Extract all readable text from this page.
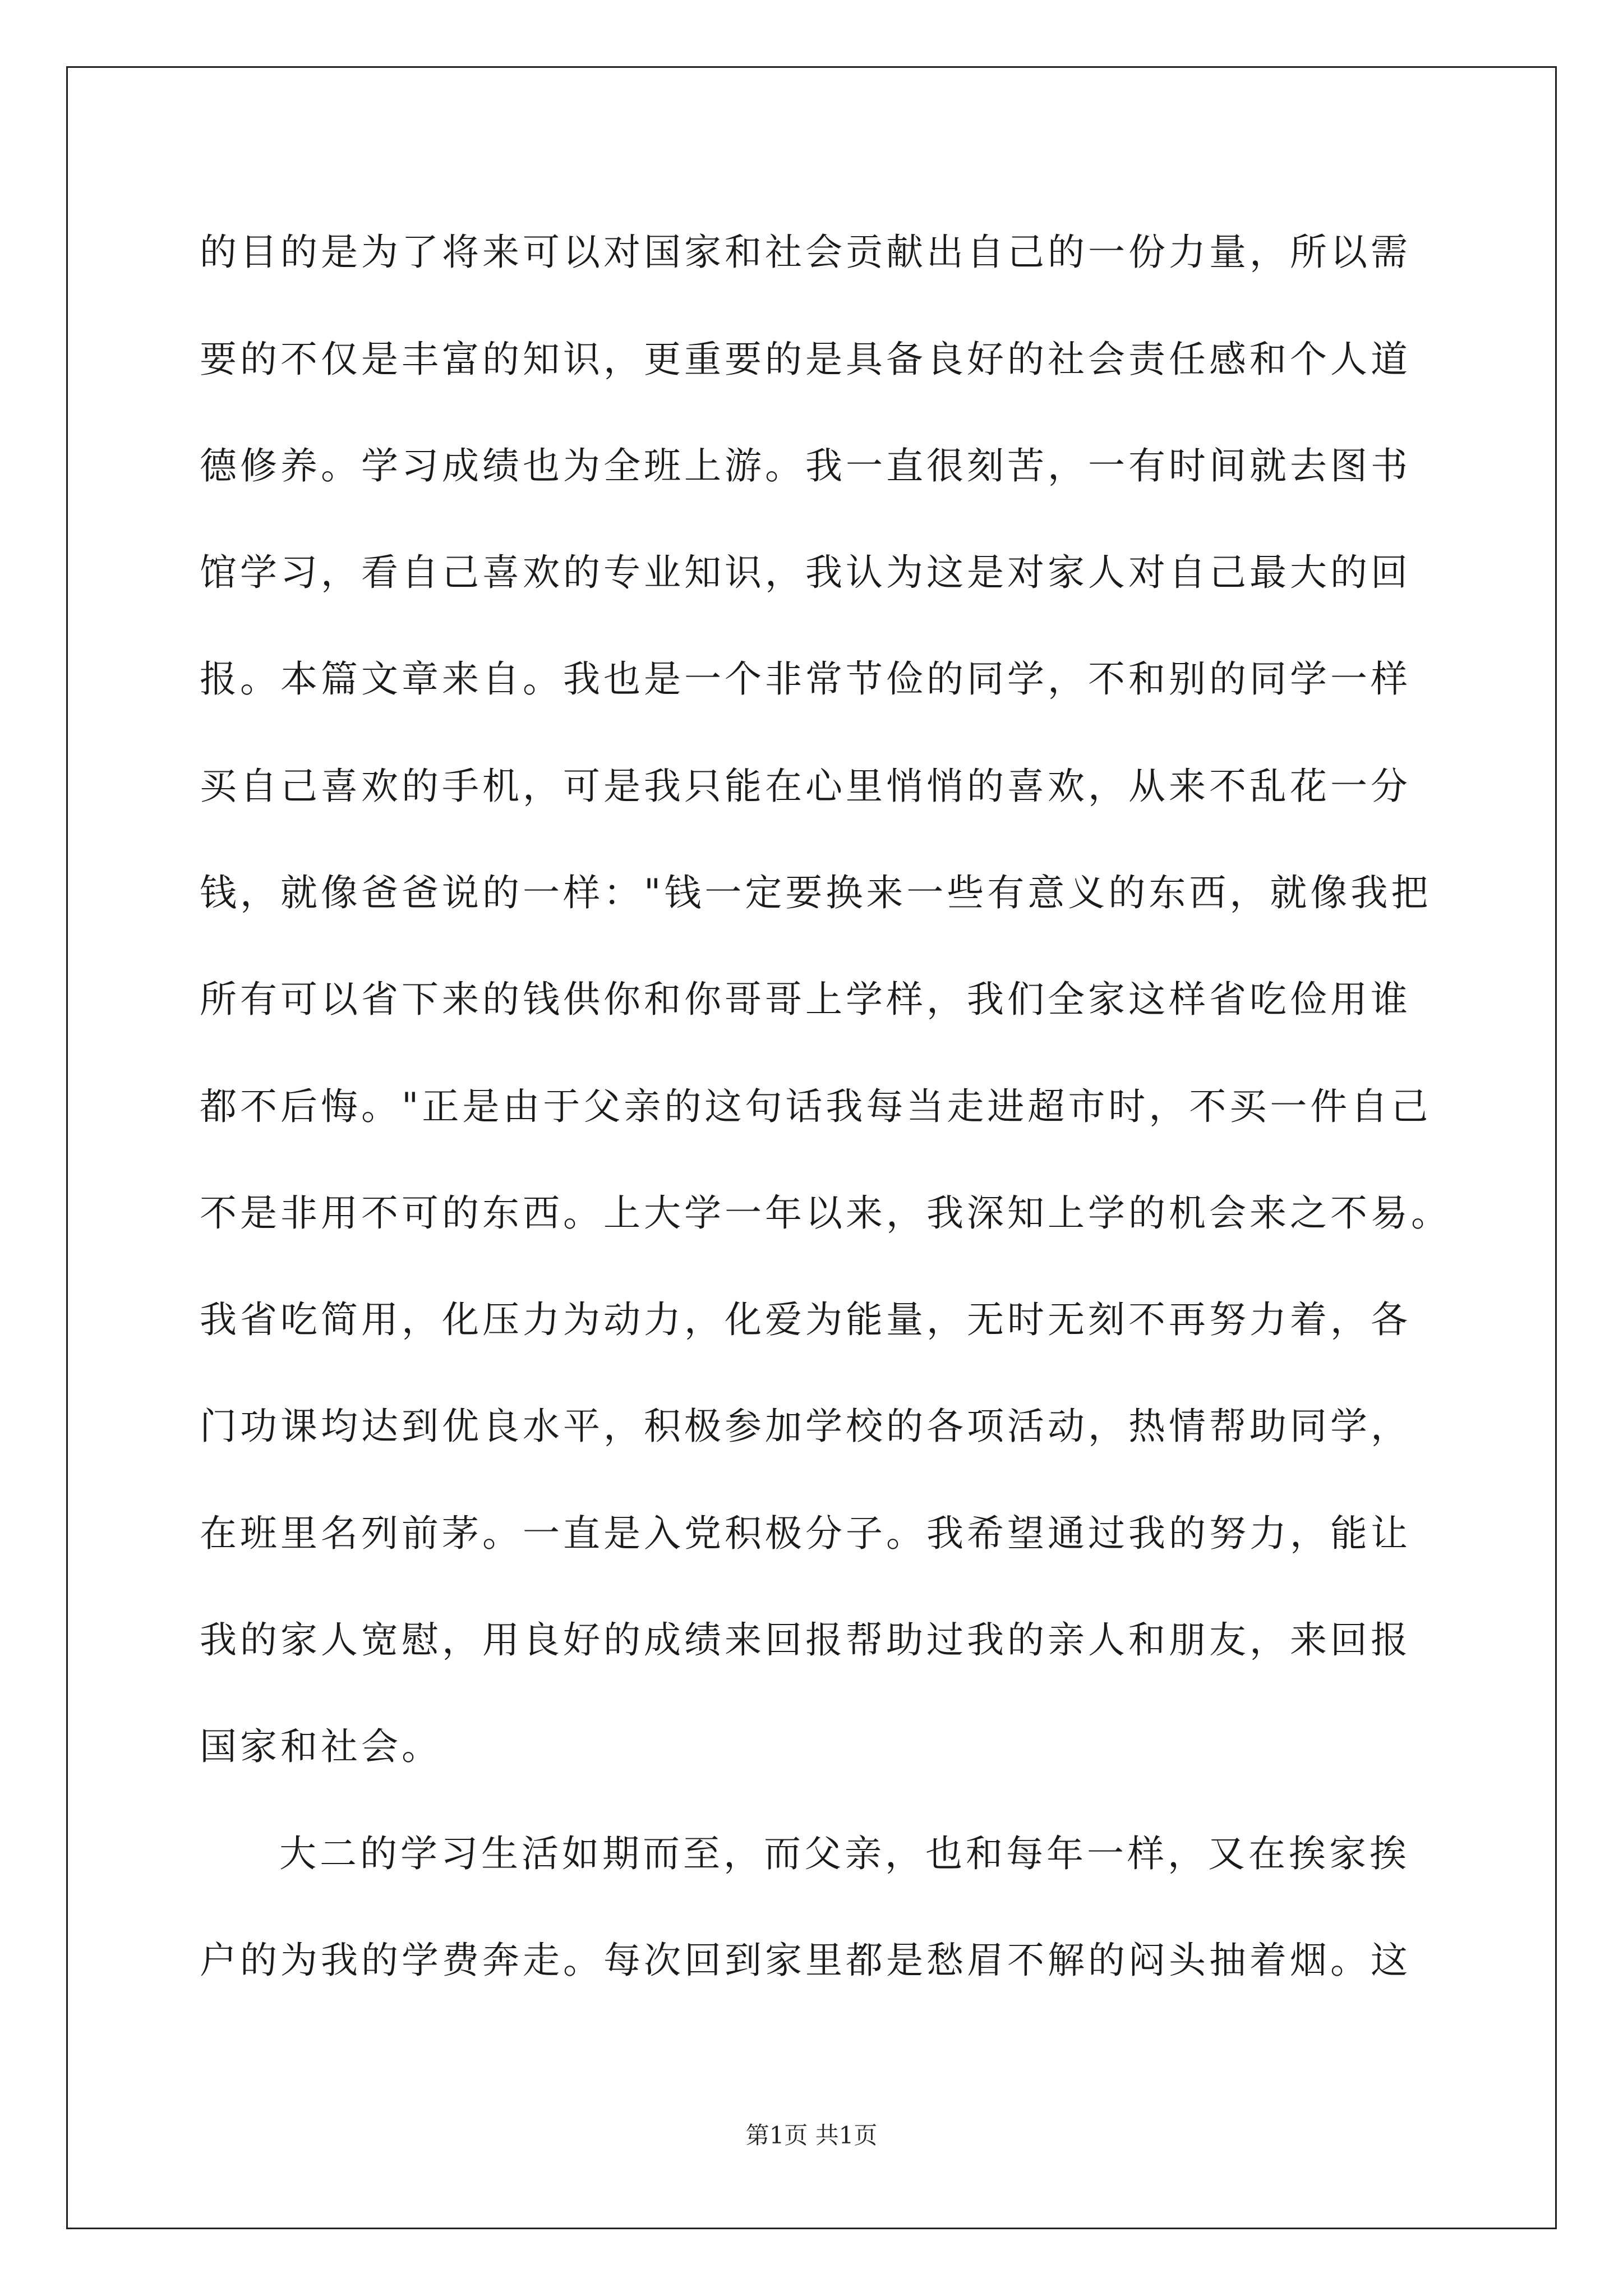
的目的是为了将来可以对国家和社会贡献出自己的一份力量，所以需
要的不仅是丰富的知识，更重要的是具备良好的社会责任感和个人道
德修养。学习成绩也为全班上游。我一直很刻苦，一有时间就去图书
馆学习，看自己喜欢的专业知识，我认为这是对家人对自己最大的回
报。本篇文章来自。我也是一个非常节俭的同学，不和别的同学一样
买自己喜欢的手机，可是我只能在心里悄悄的喜欢，从来不乱花一分
钱，就像爸爸说的一样："钱一定要换来一些有意义的东西，就像我把
所有可以省下来的钱供你和你哥哥上学样，我们全家这样省吃俭用谁
都不后悔。"正是由于父亲的这句话我每当走进超市时，不买一件自己
不是非用不可的东西。上大学一年以来，我深知上学的机会来之不易。
我省吃简用，化压力为动力，化爱为能量，无时无刻不再努力着，各
门功课均达到优良水平，积极参加学校的各项活动，热情帮助同学，
在班里名列前茅。一直是入党积极分子。我希望通过我的努力，能让
我的家人宽慰，用良好的成绩来回报帮助过我的亲人和朋友，来回报
国家和社会。
大二的学习生活如期而至，而父亲，也和每年一样，又在挨家挨
户的为我的学费奔走。每次回到家里都是愁眉不解的闷头抽着烟。这
第1页 共1页
